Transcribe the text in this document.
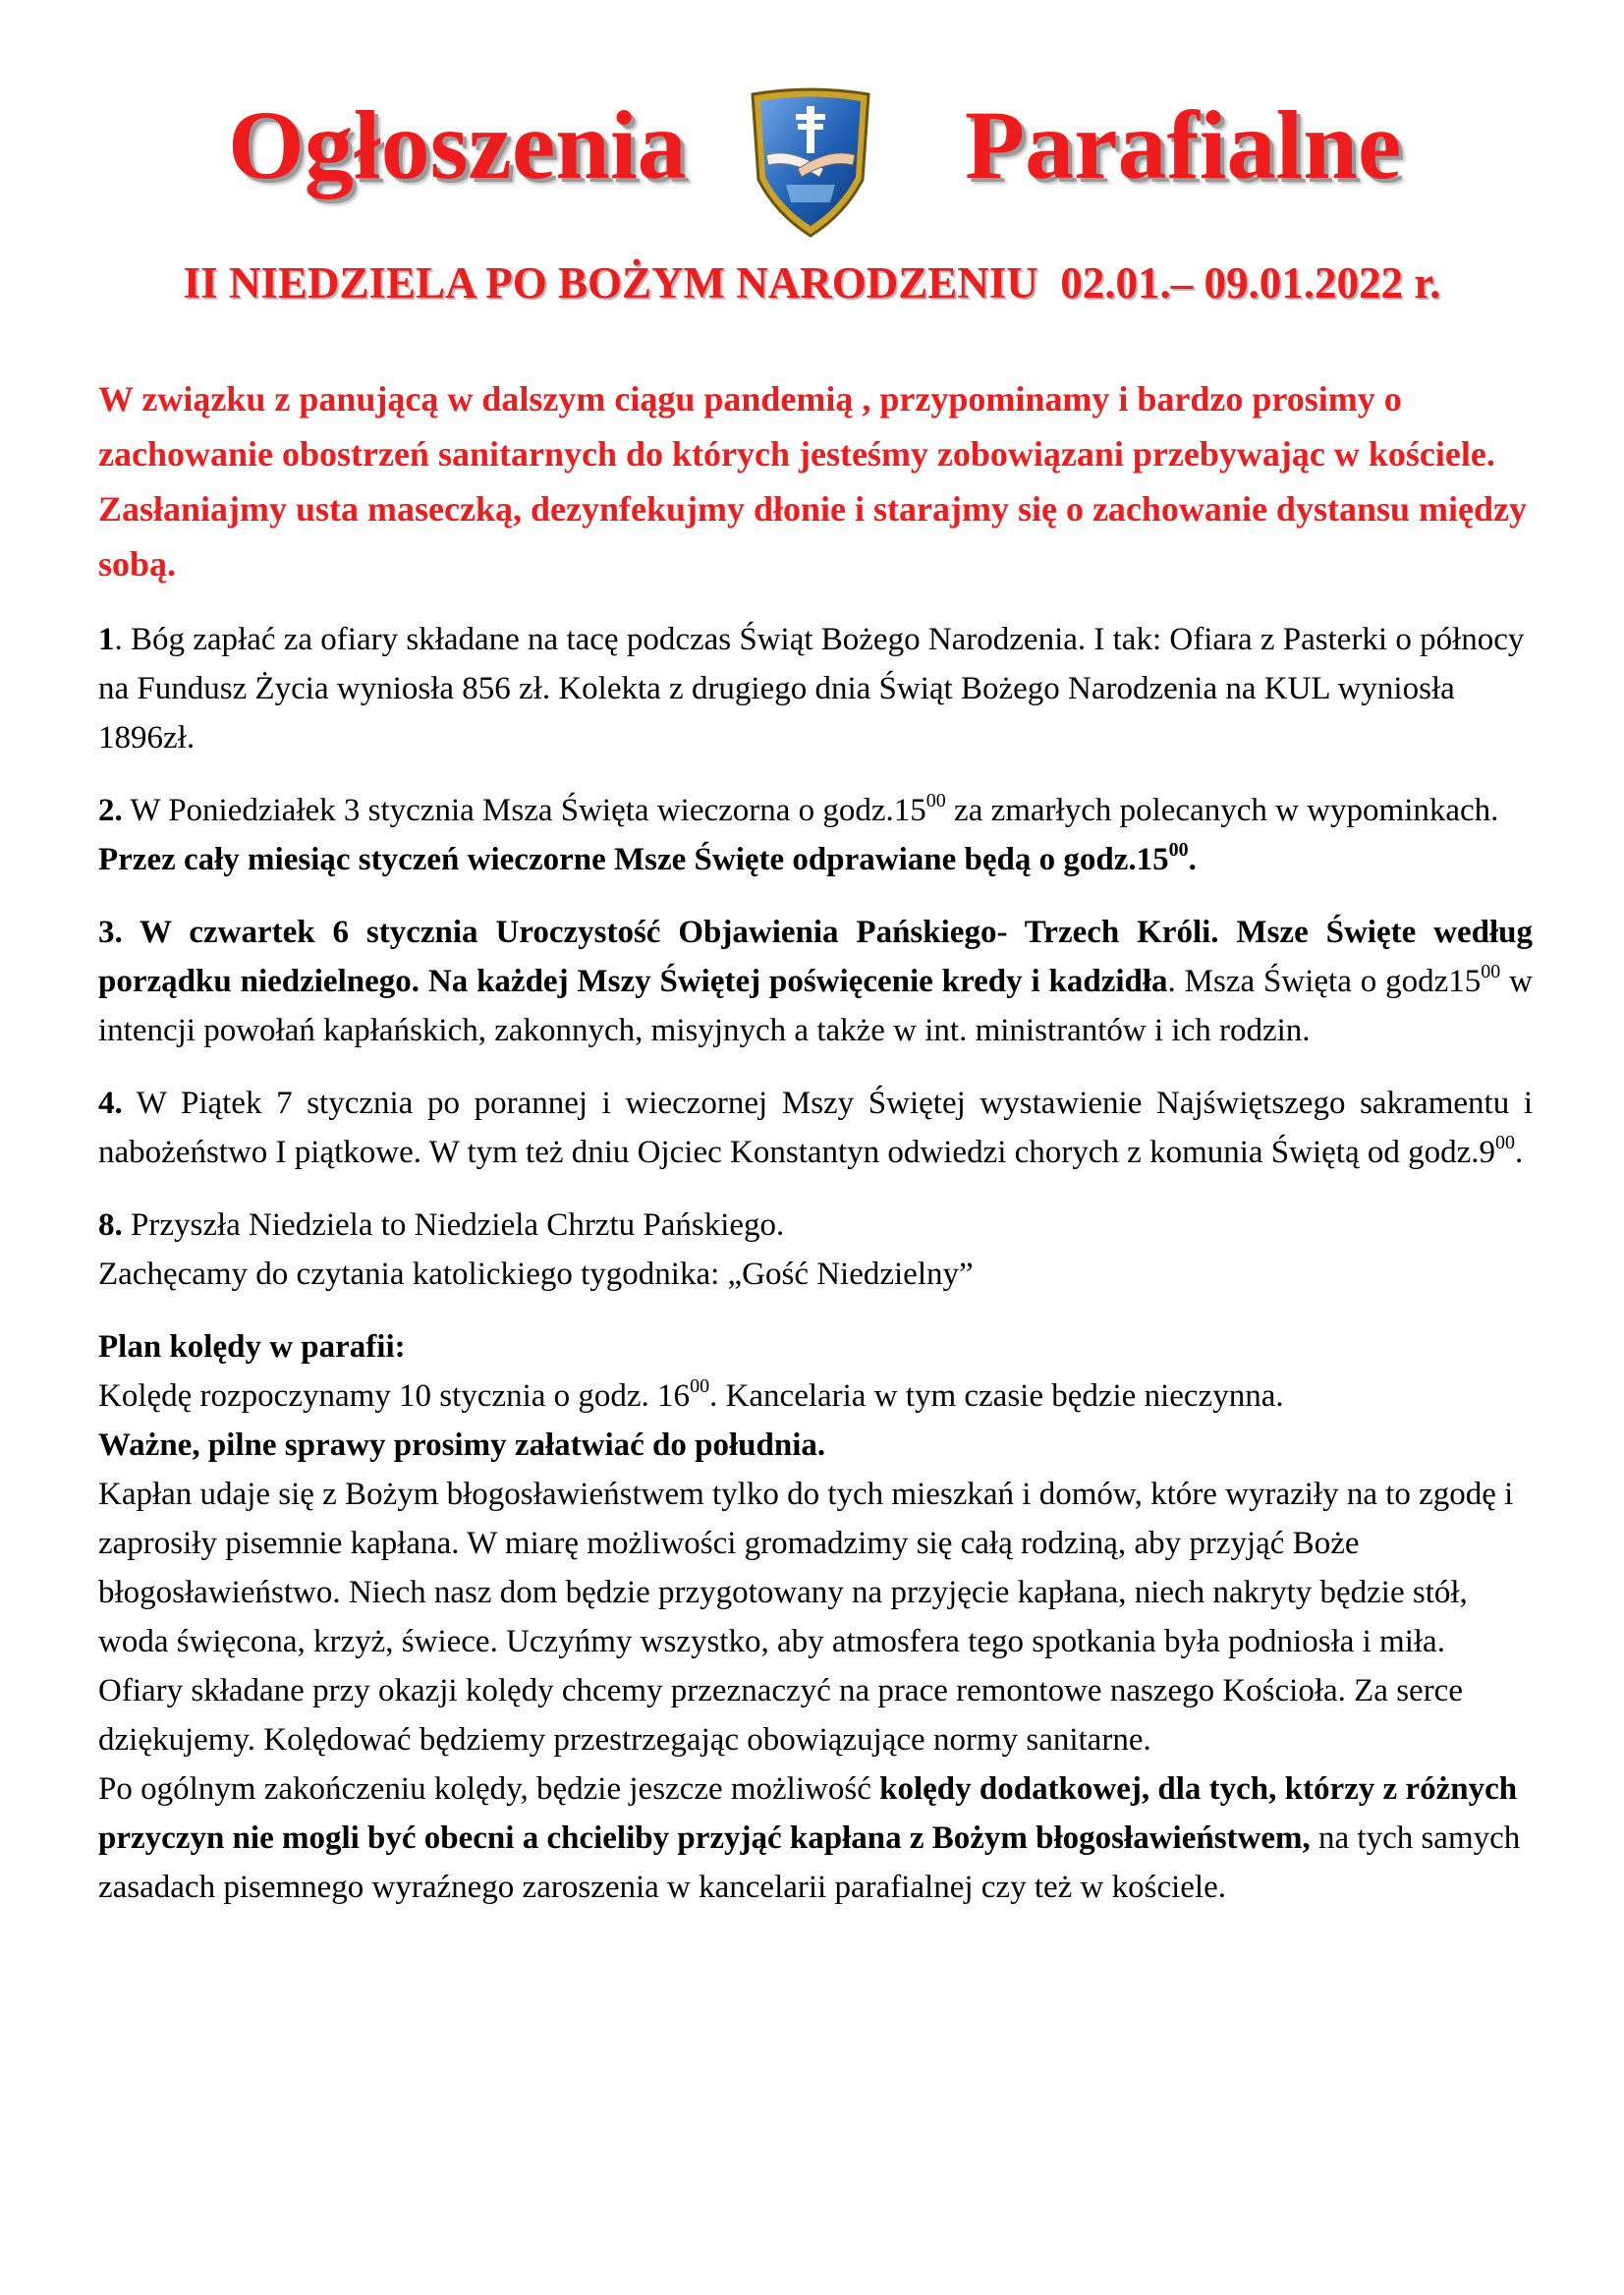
Ogłoszenia	Parafialne
II NIEDZIELA PO BOŻYM NARODZENIU  02.01.– 09.01.2022 r.

W związku z panującą w dalszym ciągu pandemią , przypominamy i bardzo prosimy o zachowanie obostrzeń sanitarnych do których jesteśmy zobowiązani przebywając w kościele. Zasłaniajmy usta maseczką, dezynfekujmy dłonie i starajmy się o zachowanie dystansu między sobą.

1. Bóg zapłać za ofiary składane na tacę podczas Świąt Bożego Narodzenia. I tak: Ofiara z Pasterki o północy na Fundusz Życia wyniosła 856 zł. Kolekta z drugiego dnia Świąt Bożego Narodzenia na KUL wyniosła 1896zł.

2. W Poniedziałek 3 stycznia Msza Święta wieczorna o $godz.15^{00}$ za zmarłych polecanych w wypominkach. Przez cały miesiąc styczeń wieczorne Msze Święte odprawiane będą o $godz.15^{00}$.

3. W czwartek 6 stycznia Uroczystość Objawienia Pańskiego- Trzech Króli. Msze Święte według porządku niedzielnego. Na każdej Mszy Świętej poświęcenie kredy i kadzidła. Msza Święta o $godz15^{00}$ w intencji powołań kapłańskich, zakonnych, misyjnych a także w int. ministrantów i ich rodzin.

4. W Piątek 7 stycznia po porannej i wieczornej Mszy Świętej wystawienie Najświętszego sakramentu i nabożeństwo I piątkowe. W tym też dniu Ojciec Konstantyn odwiedzi chorych z komunia Świętą od $godz.9^{00}$.

8. Przyszła Niedziela to Niedziela Chrztu Pańskiego.
Zachęcamy do czytania katolickiego tygodnika: „Gość Niedzielny”

Plan kolędy w parafii:

Kolędę rozpoczynamy 10 stycznia o godz. $16^{00}$. Kancelaria w tym czasie będzie nieczynna.

Ważne, pilne sprawy prosimy załatwiać do południa.

Kapłan udaje się z Bożym błogosławieństwem tylko do tych mieszkań i domów, które wyraziły na to zgodę i zaprosiły pisemnie kapłana. W miarę możliwości gromadzimy się całą rodziną, aby przyjąć Boże błogosławieństwo. Niech nasz dom będzie przygotowany na przyjęcie kapłana, niech nakryty będzie stół, woda święcona, krzyż, świece. Uczyńmy wszystko, aby atmosfera tego spotkania była podniosła i miła. Ofiary składane przy okazji kolędy chcemy przeznaczyć na prace remontowe naszego Kościoła. Za serce dziękujemy. Kolędować będziemy przestrzegając obowiązujące normy sanitarne.

Po ogólnym zakończeniu kolędy, będzie jeszcze możliwość kolędy dodatkowej, dla tych, którzy z różnych przyczyn nie mogli być obecni a chcieliby przyjąć kapłana z Bożym błogosławieństwem, na tych samych zasadach pisemnego wyraźnego zaroszenia w kancelarii parafialnej czy też w kościele.
